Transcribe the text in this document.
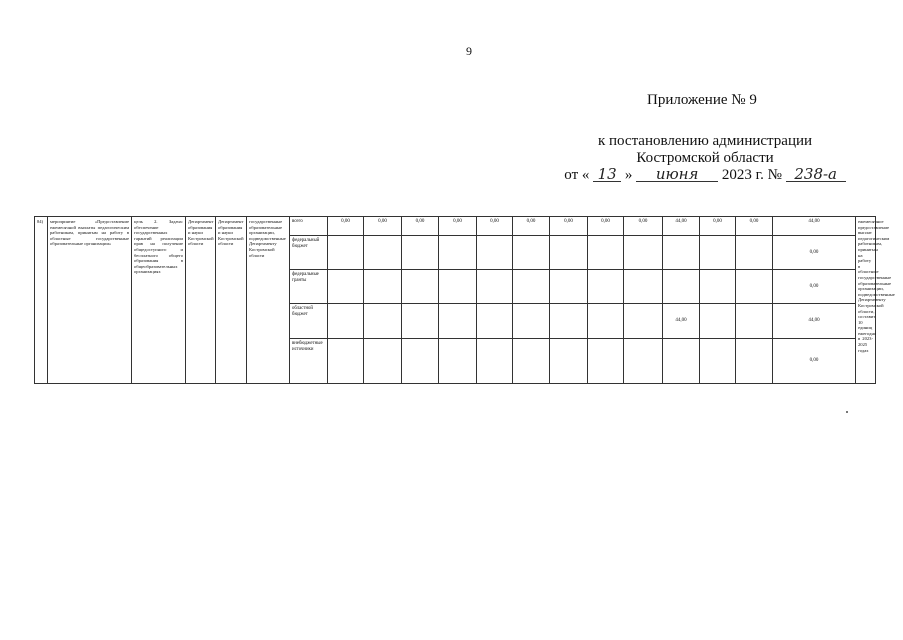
9
Приложение № 9
к постановлению администрации
Костромской области
от « 13 » июня 2023 г. № 238-а
84)	мероприятие «Предоставление ежемесячной выплаты педагогическим работникам, принятым на работу в областные государственные образовательные организации»	цель 2. Задача: обеспечение государственных гарантий реализации прав на получение общедоступного и бесплатного общего образования в общеобразовательных организациях	Департамент образования и науки Костромской области	Департамент образования и науки Костромской области	государственные образовательные организации, подведомственные Департаменту Костромской области	всего	0,00	0,00	0,00	0,00	0,00	0,00	0,00	0,00	0,00	44,00	0,00	0,00	44,00	ежемесячное предоставление выплат педагогическим работникам, принятым на работу в областные государственные образовательные организации, подведомственные Департаменту Костромской области, составит 10 единиц ежегодно в 2023-2025 годах
						федеральный бюджет													0,00	
						федеральные гранты													0,00	
						областной бюджет										44,00			44,00	
						внебюджетные источники													0,00	
